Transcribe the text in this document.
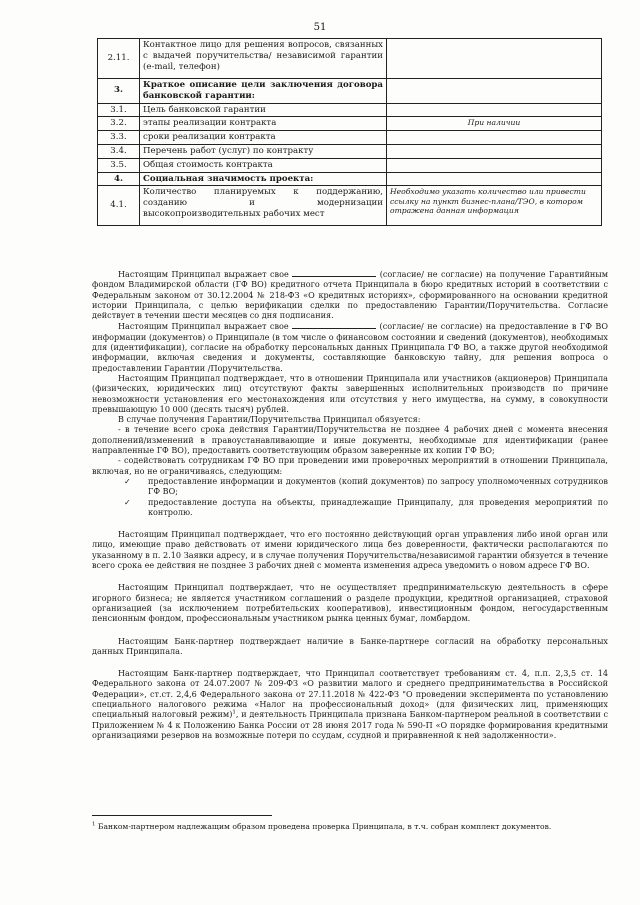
51
2.11.	Контактное лицо для решения вопросов, связанных с выдачей поручительства/ независимой гарантии (e-mail, телефон)	
3.	Краткое описание цели заключения договора банковской гарантии:	
3.1.	Цель банковской гарантии	
3.2.	этапы реализации контракта	При наличии
3.3.	сроки реализации контракта	
3.4.	Перечень работ (услуг) по контракту	
3.5.	Общая стоимость контракта	
4.	Социальная значимость проекта:	
4.1.	Количество планируемых к поддержанию, созданию и модернизации высокопроизводительных рабочих мест	Необходимо указать количество или привести ссылку на пункт бизнес-плана/ТЭО, в котором отражена данная информация

Настоящим Принципал выражает свое	(согласие/ не согласие) на получение Гарантийным фондом Владимирской области (ГФ ВО) кредитного отчета Принципала в бюро кредитных историй в соответствии с Федеральным законом от 30.12.2004 № 218-ФЗ «О кредитных историях», сформированного на основании кредитной истории Принципала, с целью верификации сделки по предоставлению Гарантии/Поручительства. Согласие действует в течении шести месяцев со дня подписания.

Настоящим Принципал выражает свое	(согласие/ не согласие) на предоставление в ГФ ВО информации (документов) о Принципале (в том числе о финансовом состоянии и сведений (документов), необходимых для (идентификации), согласие на обработку персональных данных Принципала ГФ ВО, а также другой необходимой информации, включая сведения и документы, составляющие банковскую тайну, для решения вопроса о предоставлении Гарантии /Поручительства.

Настоящим Принципал подтверждает, что в отношении Принципала или участников (акционеров) Принципала (физических, юридических лиц) отсутствуют факты завершенных исполнительных производств по причине невозможности установления его местонахождения или отсутствия у него имущества, на сумму, в совокупности превышающую 10 000 (десять тысяч) рублей.

В случае получения Гарантии/Поручительства Принципал обязуется:

- в течение всего срока действия Гарантии/Поручительства не позднее 4 рабочих дней с момента внесения дополнений/изменений в правоустанавливающие и иные документы, необходимые для идентификации (ранее направленные ГФ ВО), предоставить соответствующим образом заверенные их копии ГФ ВО;

- содействовать сотрудникам ГФ ВО при проведении ими проверочных мероприятий в отношении Принципала, включая, но не ограничиваясь, следующим:

✓ предоставление информации и документов (копий документов) по запросу уполномоченных сотрудников ГФ ВО;
✓ предоставление доступа на объекты, принадлежащие Принципалу, для проведения мероприятий по контролю.

Настоящим Принципал подтверждает, что его постоянно действующий орган управления либо иной орган или лицо, имеющие право действовать от имени юридического лица без доверенности, фактически располагаются по указанному в п. 2.10 Заявки адресу, и в случае получения Поручительства/независимой гарантии обязуется в течение всего срока ее действия не позднее 3 рабочих дней с момента изменения адреса уведомить о новом адресе ГФ ВО.

Настоящим Принципал подтверждает, что не осуществляет предпринимательскую деятельность в сфере игорного бизнеса; не является участником соглашений о разделе продукции, кредитной организацией, страховой организацией (за исключением потребительских кооперативов), инвестиционным фондом, негосударственным пенсионным фондом, профессиональным участником рынка ценных бумаг, ломбардом.

Настоящим Банк-партнер подтверждает наличие в Банке-партнере согласий на обработку персональных данных Принципала.

Настоящим Банк-партнер подтверждает, что Принципал соответствует требованиям ст. 4, п.п. 2,3,5 ст. 14 Федерального закона от 24.07.2007 № 209-ФЗ «О развитии малого и среднего предпринимательства в Российской Федерации», ст.ст. 2,4,6 Федерального закона от 27.11.2018 № 422-ФЗ "О проведении эксперимента по установлению специального налогового режима «Налог на профессиональный доход» (для физических лиц, применяющих специальный налоговый режим)$^1$, и деятельность Принципала признана Банком-партнером реальной в соответствии с Приложением № 4 к Положению Банка России от 28 июня 2017 года № 590-П «О порядке формирования кредитными организациями резервов на возможные потери по ссудам, ссудной и приравненной к ней задолженности».

$^1$ Банком-партнером надлежащим образом проведена проверка Принципала, в т.ч. собран комплект документов.
